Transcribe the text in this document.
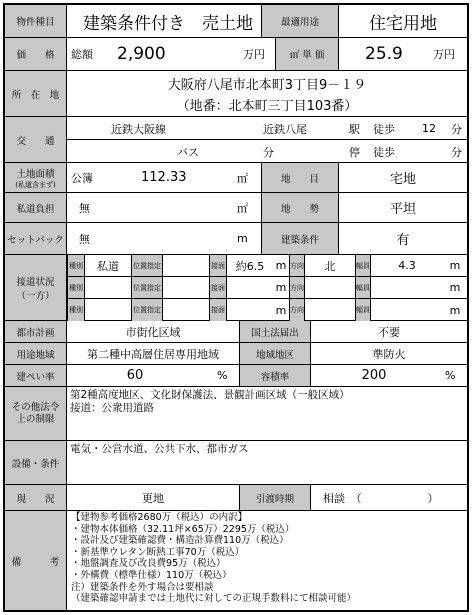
物件種目	建築条件付き　売土地	最適用途	住宅用地
価　　格	総額	2,900	万円	㎡ 単 価	25.9	万円
所　在　地
大阪府八尾市北本町3丁目9－１９
（地番：北本町三丁目103番）
交　　通
近鉄大阪線	近鉄八尾	駅	徒歩	12	分
バス	分	停	徒歩	分
土地面積
(私道含まず) 公簿	112.33	㎡	地　　目	宅地
私道負担	無	㎡	地　　勢	平坦
セットバック 無	m	建築条件	有
接道状況
（一方）
種別	私道	位置指定	接面 約6.5	m 方向	北	幅員	4.3	m
種別	位置指定	接面	m 方向	幅員	m
種別	位置指定	接面	m 方向	幅員	m
都市計画	市街化区域	国土法届出	不要
用途地域	第二種中高層住居専用地域	地域地区	準防火
建ぺい率	60	%	容積率	200	%
その他法令上の制限
第2種高度地区、文化財保護法、景観計画区域（一般区域）
接道：公衆用道路
設備・条件
電気・公営水道、公共下水、都市ガス
現　　況	更地	引渡時期	相談　（　　　　　　）
備　　　考
【建物参考価格2680万（税込）の内訳】
・建物本体価格（32.11坪×65万）2295万（税込）
・設計及び建築確認費・構造計算費110万（税込）
・新基準ウレタン断熱工事70万（税込）
・地盤調査及び改良費95万（税込）
・外構費（標準仕様）110万（税込）
注）建築条件を外す場合は要相談
（建築確認申請までは土地代に対しての正規手数料にて相談可能）
